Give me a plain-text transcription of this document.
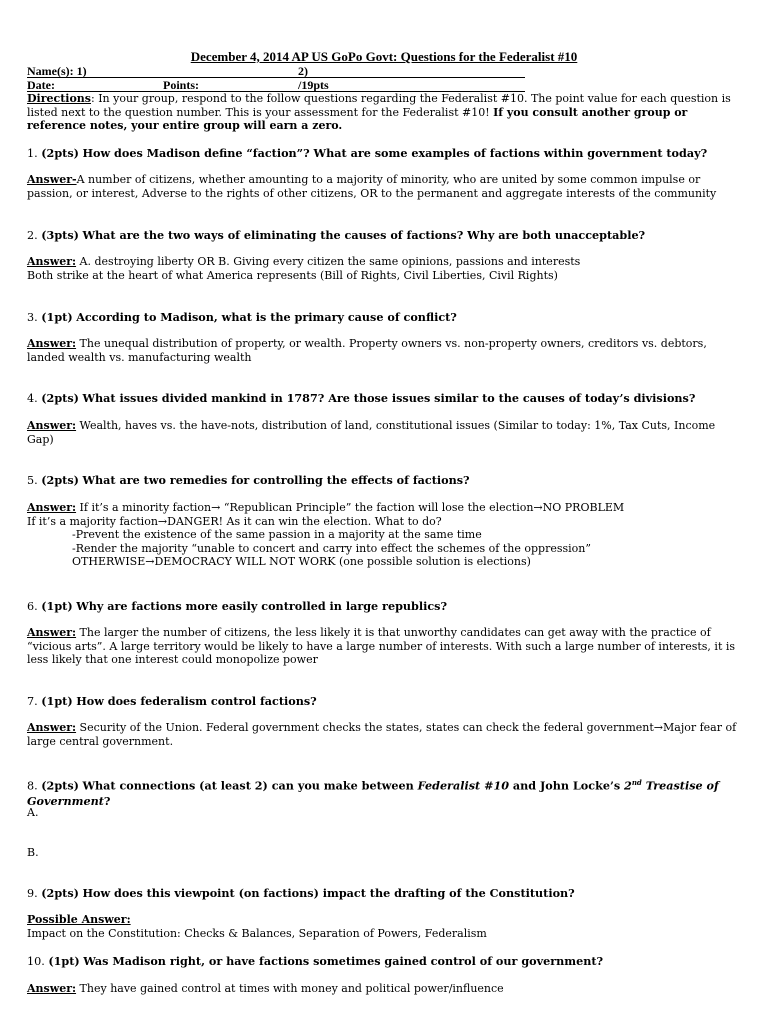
December 4, 2014 AP US GoPo Govt: Questions for the Federalist #10
Name(s): 1)	2)
Date:	Points:	/19pts
Directions: In your group, respond to the follow questions regarding the Federalist #10. The point value for each question is listed next to the question number. This is your assessment for the Federalist #10! If you consult another group or reference notes, your entire group will earn a zero.
1. (2pts) How does Madison define “faction”? What are some examples of factions within government today?
Answer-A number of citizens, whether amounting to a majority of minority, who are united by some common impulse or passion, or interest, Adverse to the rights of other citizens, OR to the permanent and aggregate interests of the community
2. (3pts) What are the two ways of eliminating the causes of factions? Why are both unacceptable?
Answer: A. destroying liberty OR B. Giving every citizen the same opinions, passions and interests
Both strike at the heart of what America represents (Bill of Rights, Civil Liberties, Civil Rights)
3. (1pt) According to Madison, what is the primary cause of conflict?
Answer: The unequal distribution of property, or wealth. Property owners vs. non-property owners, creditors vs. debtors, landed wealth vs. manufacturing wealth
4. (2pts) What issues divided mankind in 1787? Are those issues similar to the causes of today’s divisions?
Answer: Wealth, haves vs. the have-nots, distribution of land, constitutional issues (Similar to today: 1%, Tax Cuts, Income Gap)
5. (2pts) What are two remedies for controlling the effects of factions?
Answer: If it’s a minority faction→ “Republican Principle” the faction will lose the election→NO PROBLEM
If it’s a majority faction→DANGER! As it can win the election. What to do?
-Prevent the existence of the same passion in a majority at the same time
-Render the majority “unable to concert and carry into effect the schemes of the oppression”
OTHERWISE→DEMOCRACY WILL NOT WORK (one possible solution is elections)
6. (1pt) Why are factions more easily controlled in large republics?
Answer: The larger the number of citizens, the less likely it is that unworthy candidates can get away with the practice of “vicious arts”. A large territory would be likely to have a large number of interests. With such a large number of interests, it is less likely that one interest could monopolize power
7. (1pt) How does federalism control factions?
Answer: Security of the Union. Federal government checks the states, states can check the federal government→Major fear of large central government.
8. (2pts) What connections (at least 2) can you make between Federalist #10 and John Locke’s 2nd Treastise of Government?
A.
B.
9. (2pts) How does this viewpoint (on factions) impact the drafting of the Constitution?
Possible Answer:
Impact on the Constitution: Checks & Balances, Separation of Powers, Federalism
10. (1pt) Was Madison right, or have factions sometimes gained control of our government?
Answer: They have gained control at times with money and political power/influence
